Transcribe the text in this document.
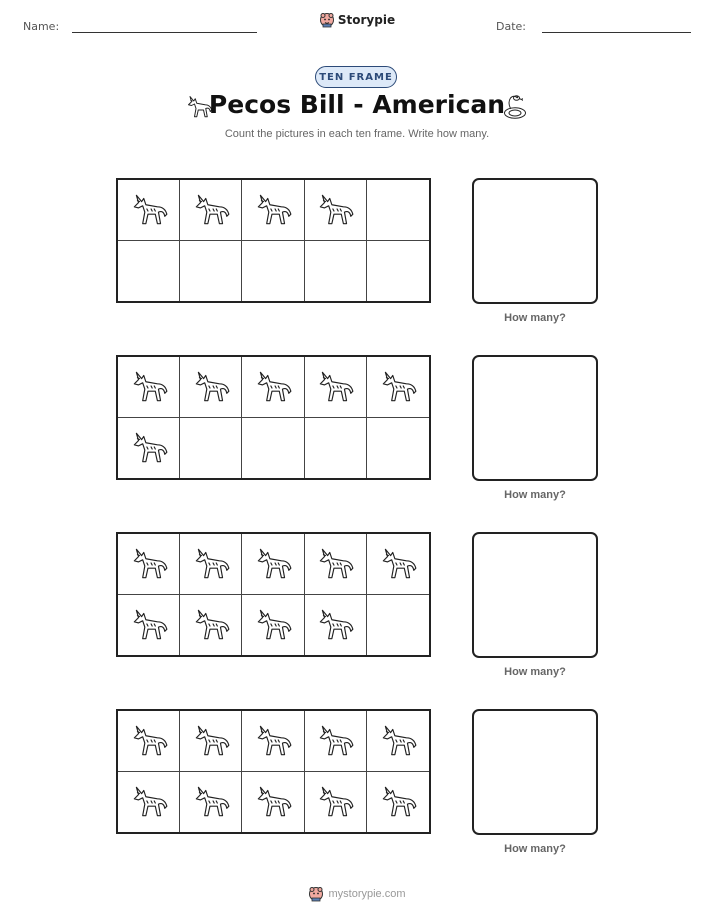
Name:	Storypie	Date:
TEN FRAME
Pecos Bill - American
Count the pictures in each ten frame. Write how many.
How many?
How many?
How many?
How many?
mystorypie.com
